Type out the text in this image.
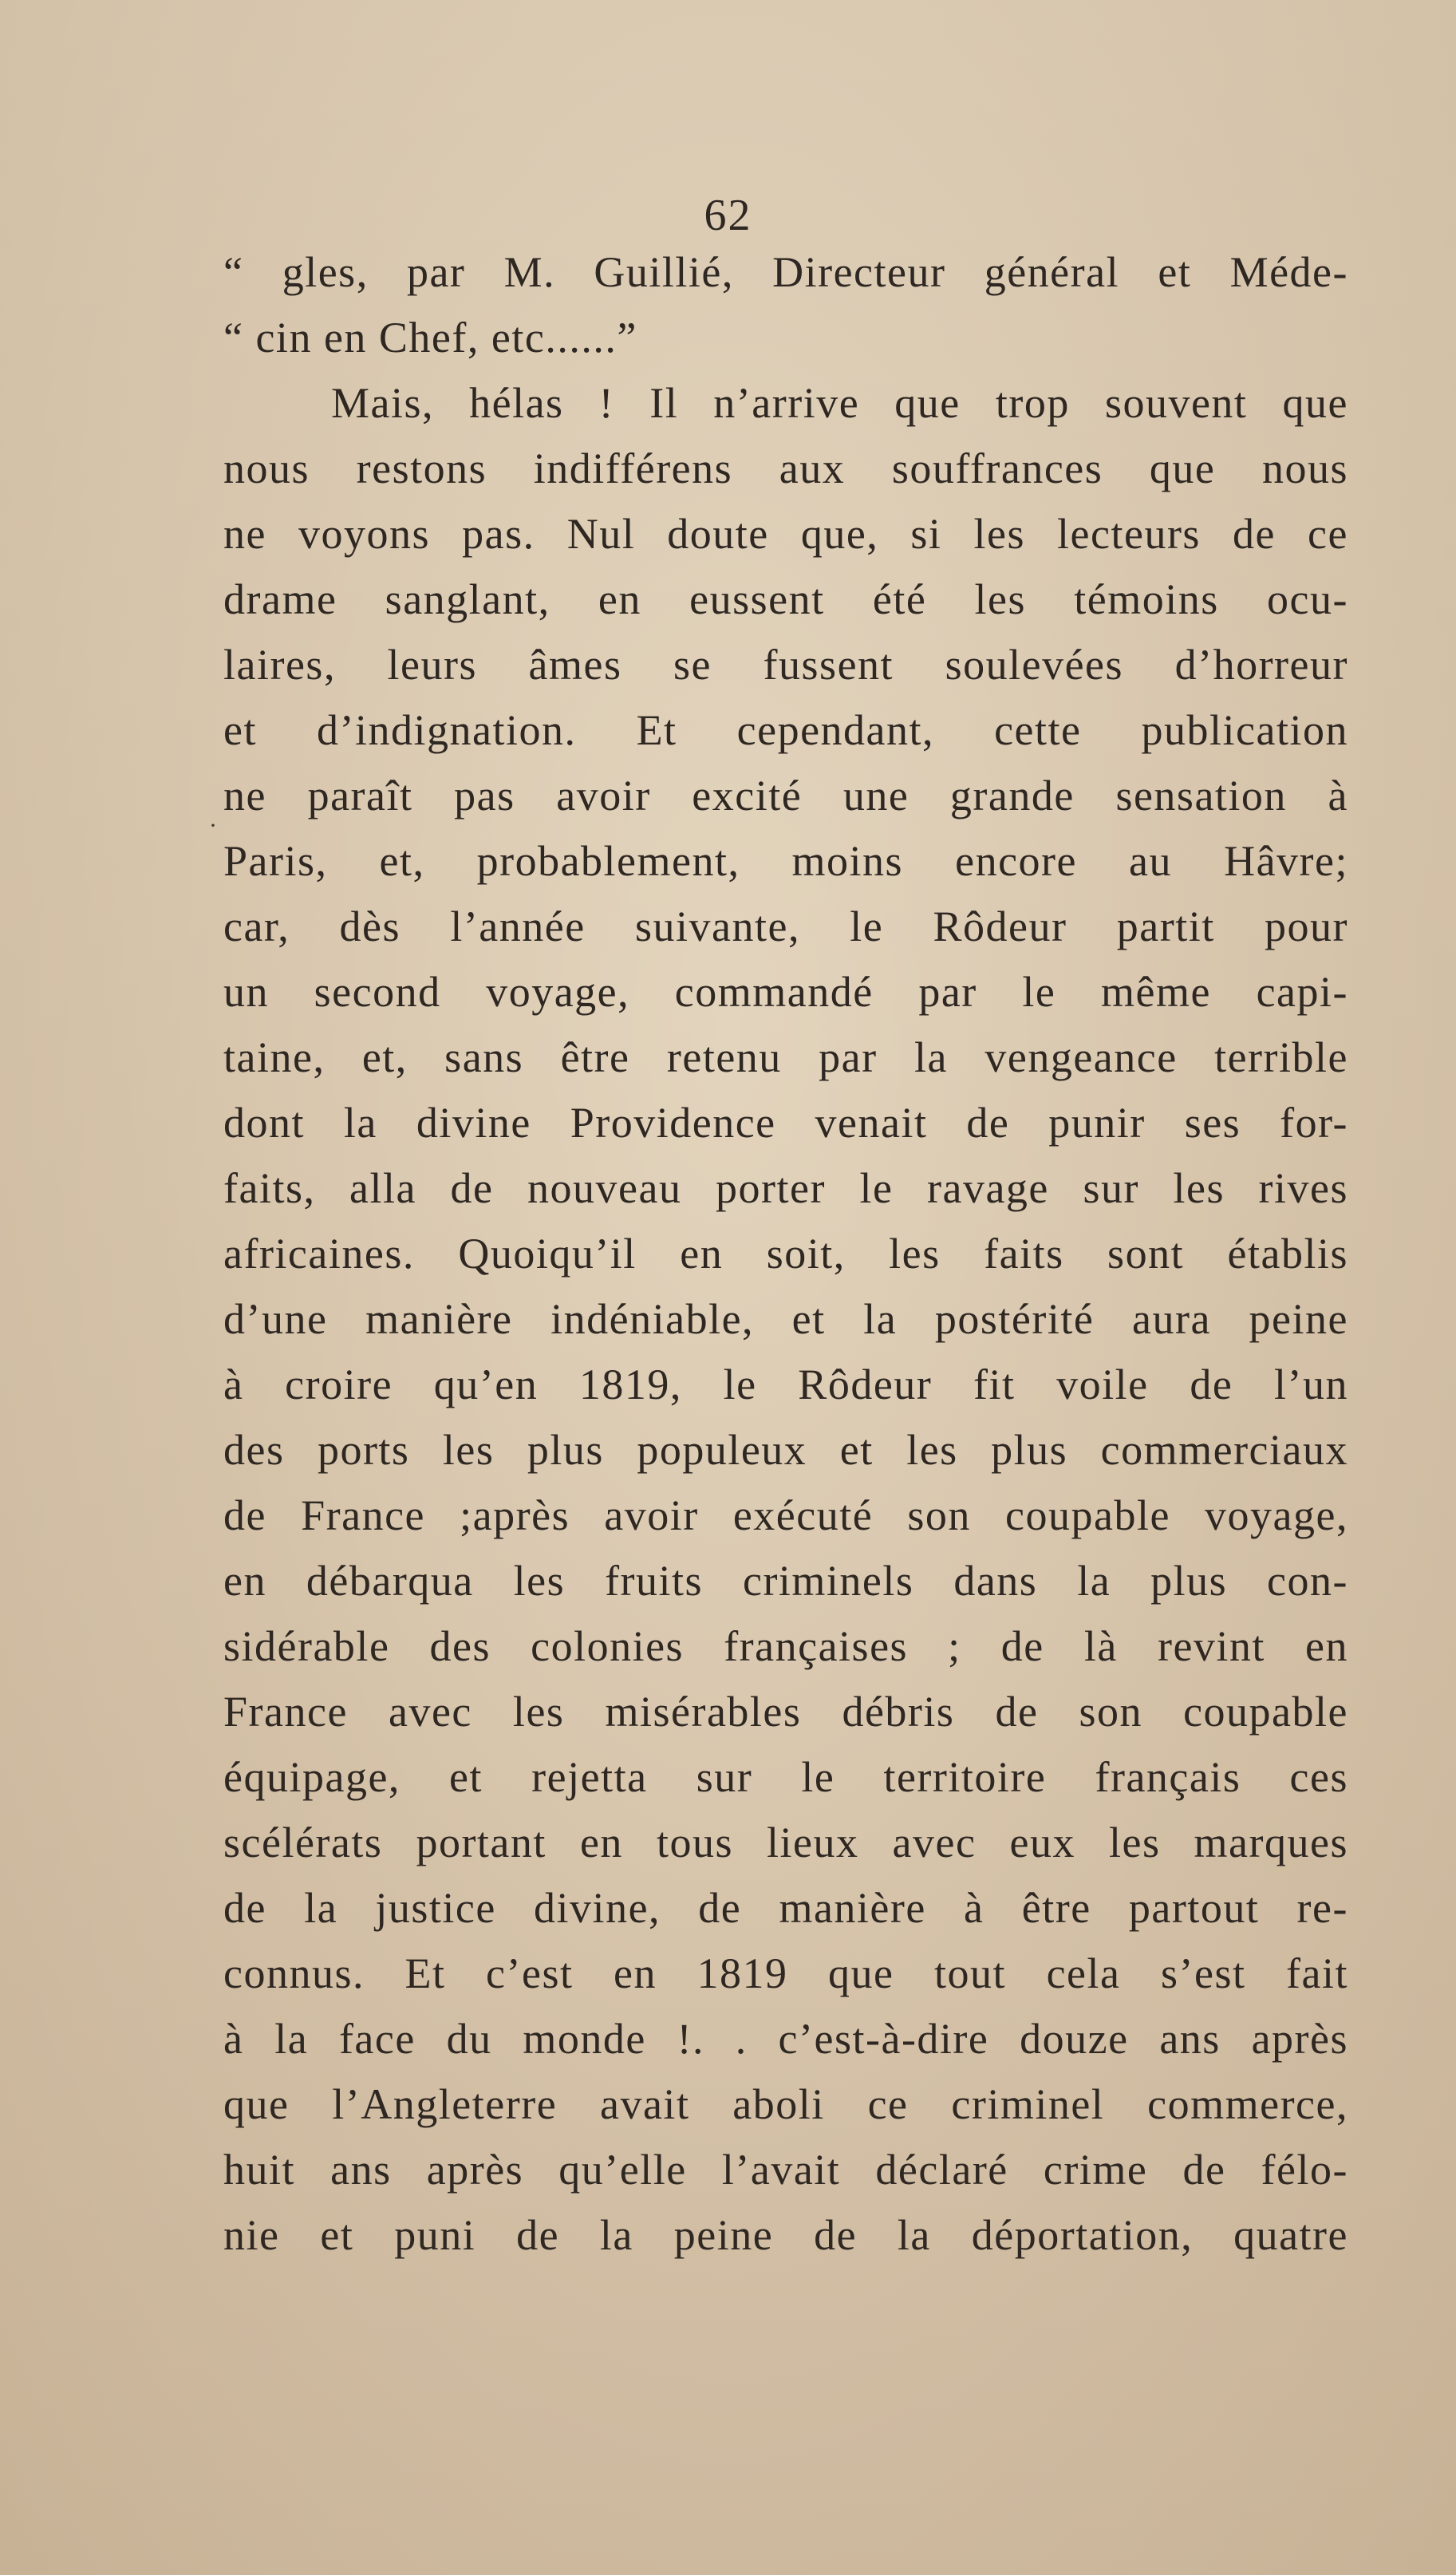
62
·
“ gles, par M. Guillié, Directeur général et Méde-
“ cin en Chef, etc......”
Mais, hélas ! Il n’arrive que trop souvent que
nous restons indifférens aux souffrances que nous
ne voyons pas. Nul doute que, si les lecteurs de ce
drame sanglant, en eussent été les témoins ocu-
laires, leurs âmes se fussent soulevées d’horreur
et d’indignation. Et cependant, cette publication
ne paraît pas avoir excité une grande sensation à
Paris, et, probablement, moins encore au Hâvre;
car, dès l’année suivante, le Rôdeur partit pour
un second voyage, commandé par le même capi-
taine, et, sans être retenu par la vengeance terrible
dont la divine Providence venait de punir ses for-
faits, alla de nouveau porter le ravage sur les rives
africaines. Quoiqu’il en soit, les faits sont établis
d’une manière indéniable, et la postérité aura peine
à croire qu’en 1819, le Rôdeur fit voile de l’un
des ports les plus populeux et les plus commerciaux
de France ;après avoir exécuté son coupable voyage,
en débarqua les fruits criminels dans la plus con-
sidérable des colonies françaises ; de là revint en
France avec les misérables débris de son coupable
équipage, et rejetta sur le territoire français ces
scélérats portant en tous lieux avec eux les marques
de la justice divine, de manière à être partout re-
connus. Et c’est en 1819 que tout cela s’est fait
à la face du monde !. . c’est-à-dire douze ans après
que l’Angleterre avait aboli ce criminel commerce,
huit ans après qu’elle l’avait déclaré crime de félo-
nie et puni de la peine de la déportation, quatre
